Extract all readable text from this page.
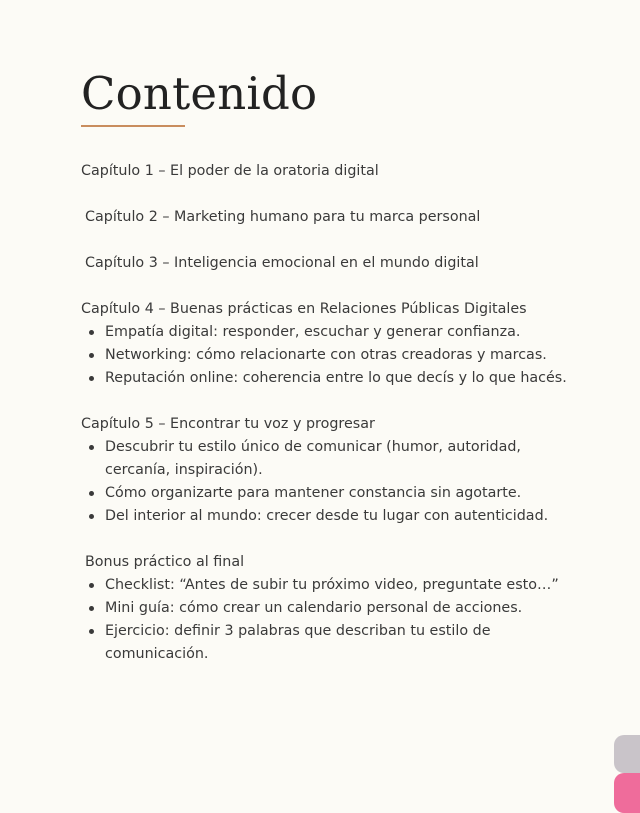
Contenido

Capítulo 1 – El poder de la oratoria digital

Capítulo 2 – Marketing humano para tu marca personal

Capítulo 3 – Inteligencia emocional en el mundo digital

Capítulo 4 – Buenas prácticas en Relaciones Públicas Digitales

Empatía digital: responder, escuchar y generar confianza.
Networking: cómo relacionarte con otras creadoras y marcas.
Reputación online: coherencia entre lo que decís y lo que hacés.

Capítulo 5 – Encontrar tu voz y progresar

Descubrir tu estilo único de comunicar (humor, autoridad, cercanía, inspiración).
Cómo organizarte para mantener constancia sin agotarte.
Del interior al mundo: crecer desde tu lugar con autenticidad.

Bonus práctico al final

Checklist: “Antes de subir tu próximo video, preguntate esto…”
Mini guía: cómo crear un calendario personal de acciones.
Ejercicio: definir 3 palabras que describan tu estilo de comunicación.
